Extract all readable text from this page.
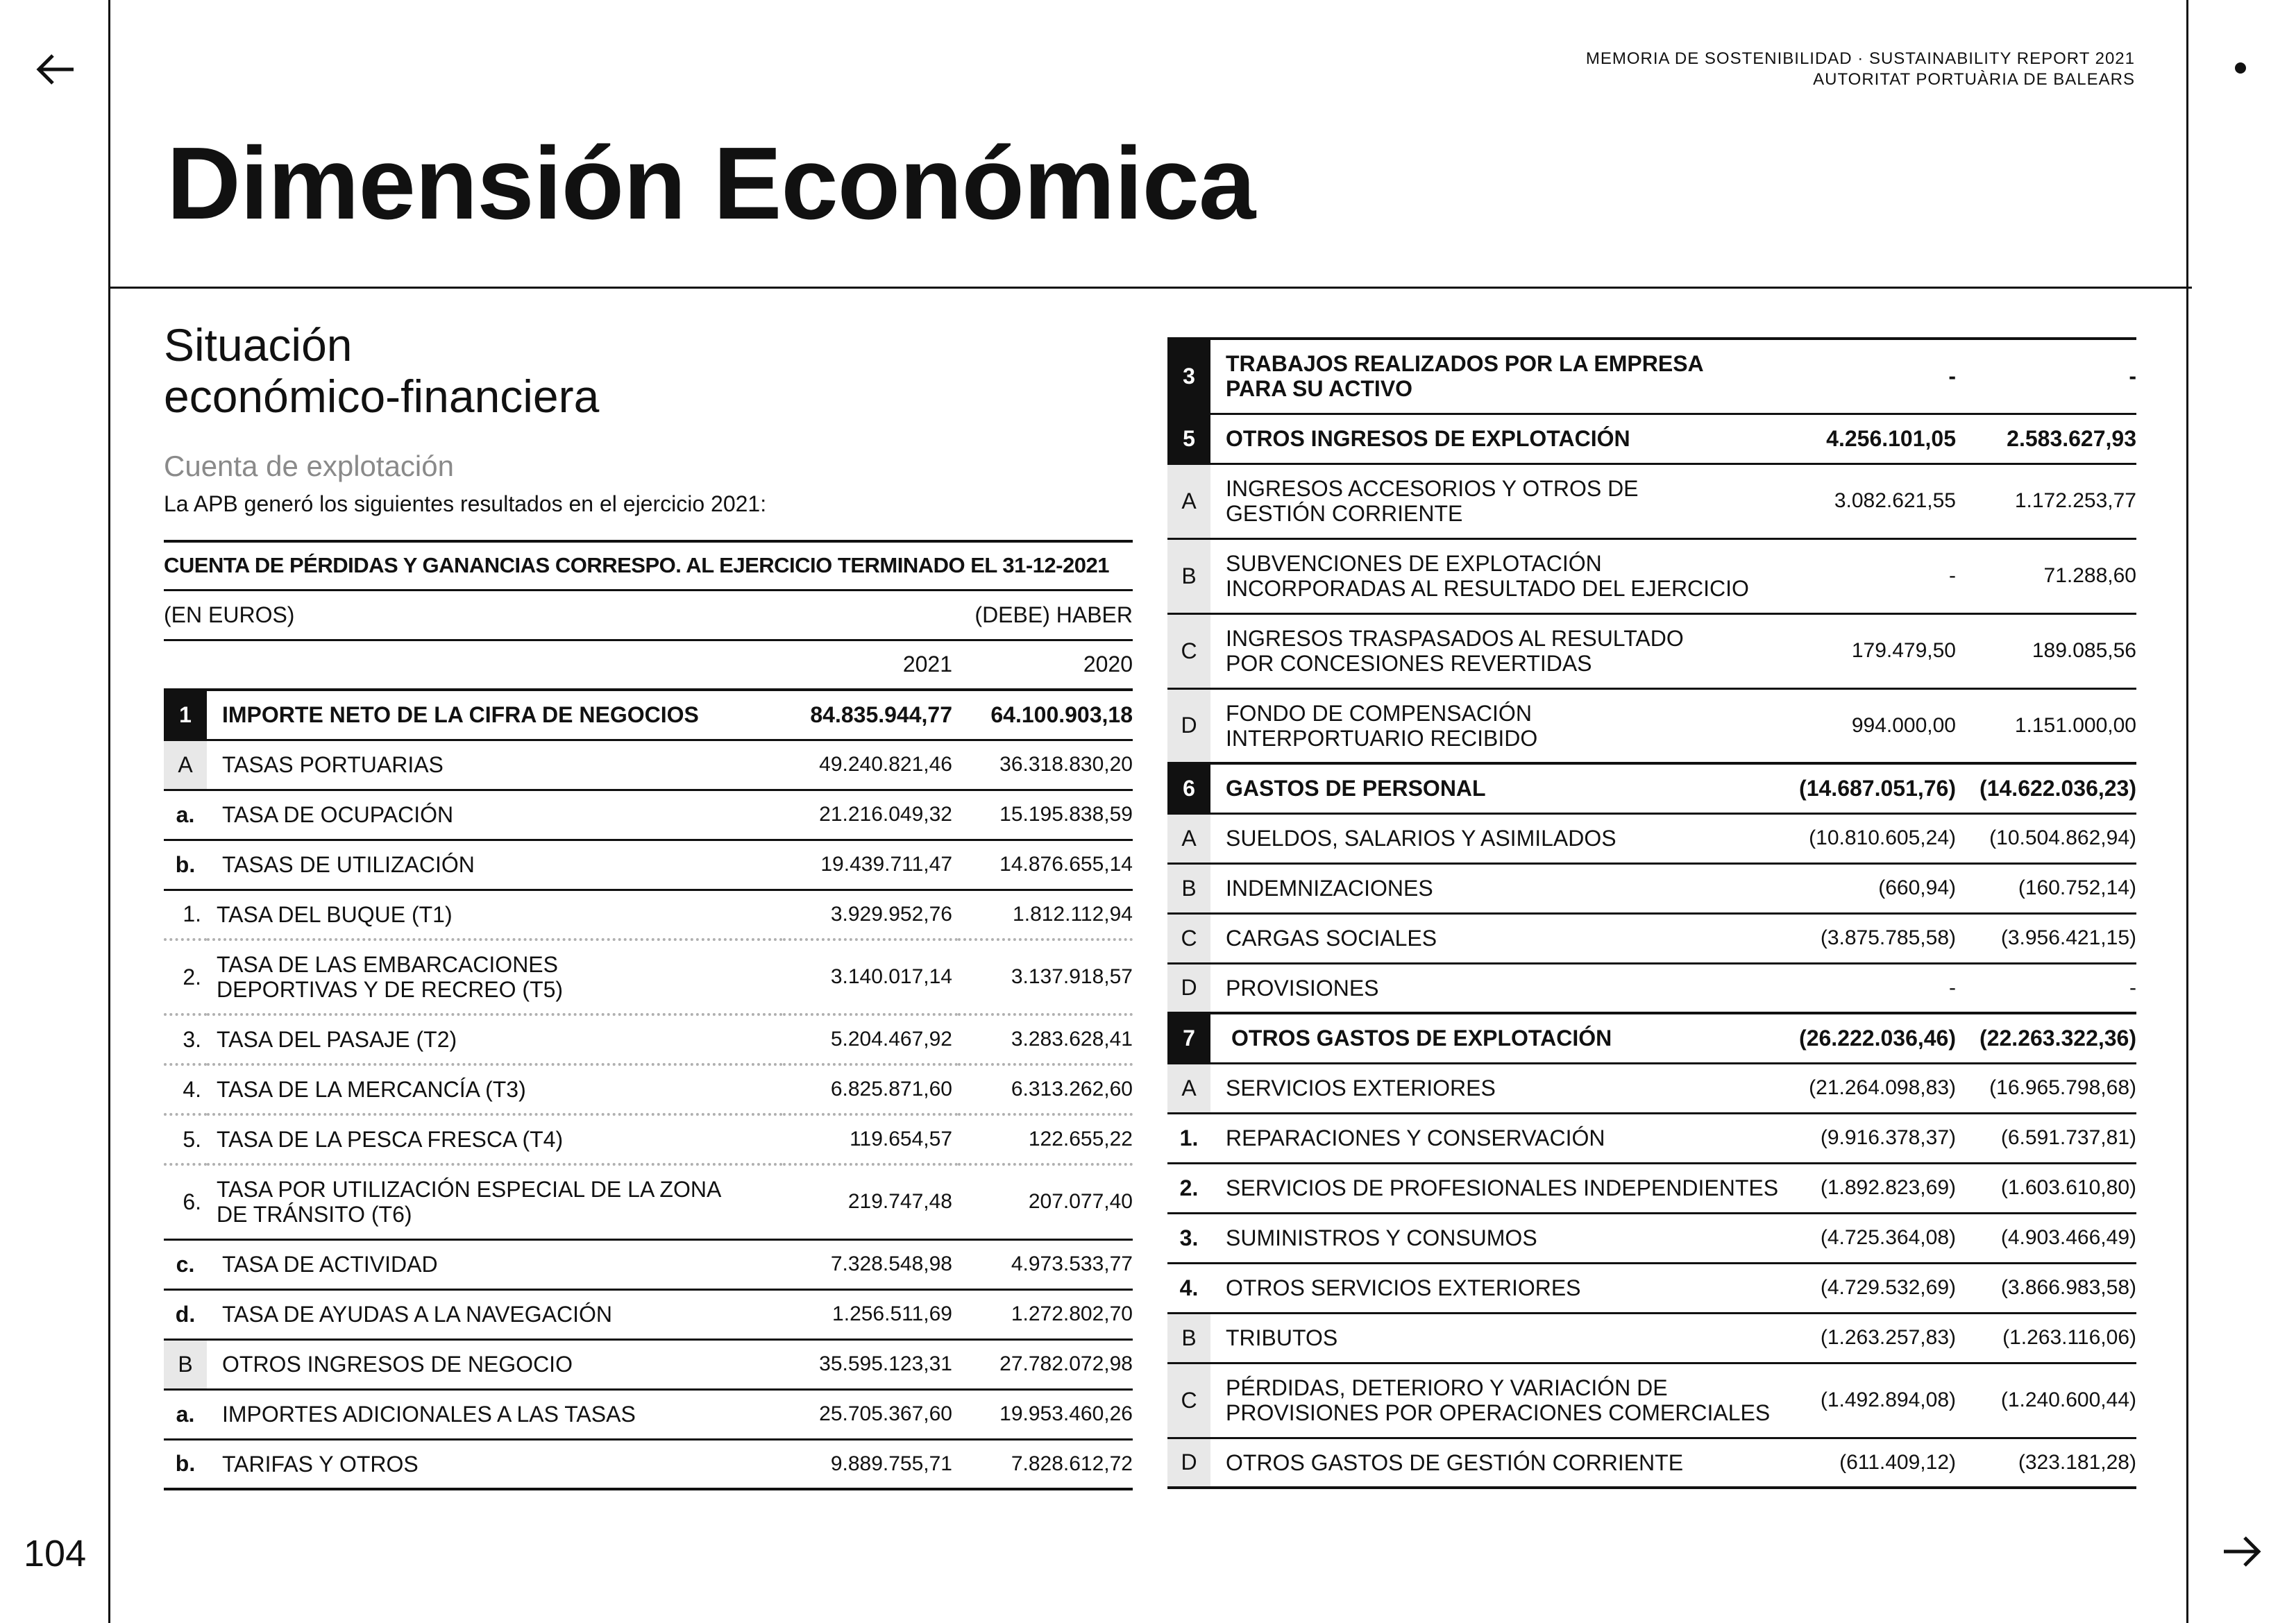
104
MEMORIA DE SOSTENIBILIDAD · SUSTAINABILITY REPORT 2021
AUTORITAT PORTUÀRIA DE BALEARS
Dimensión Económica
Situación
económico-financiera
Cuenta de explotación
La APB generó los siguientes resultados en el ejercicio 2021:
CUENTA DE PÉRDIDAS Y GANANCIAS CORRESPO. AL EJERCICIO TERMINADO EL 31-12-2021			
(EN EUROS)		(DEBE) HABER	
		2021	2020
1	IMPORTE NETO DE LA CIFRA DE NEGOCIOS	84.835.944,77	64.100.903,18
A	TASAS PORTUARIAS	49.240.821,46	36.318.830,20
a.	TASA DE OCUPACIÓN	21.216.049,32	15.195.838,59
b.	TASAS DE UTILIZACIÓN	19.439.711,47	14.876.655,14
1.	TASA DEL BUQUE (T1)	3.929.952,76	1.812.112,94
2.	TASA DE LAS EMBARCACIONES DEPORTIVAS Y DE RECREO (T5)	3.140.017,14	3.137.918,57
3.	TASA DEL PASAJE (T2)	5.204.467,92	3.283.628,41
4.	TASA DE LA MERCANCÍA (T3)	6.825.871,60	6.313.262,60
5.	TASA DE LA PESCA FRESCA (T4)	119.654,57	122.655,22
6.	TASA POR UTILIZACIÓN ESPECIAL DE LA ZONA DE TRÁNSITO (T6)	219.747,48	207.077,40
c.	TASA DE ACTIVIDAD	7.328.548,98	4.973.533,77
d.	TASA DE AYUDAS A LA NAVEGACIÓN	1.256.511,69	1.272.802,70
B	OTROS INGRESOS DE NEGOCIO	35.595.123,31	27.782.072,98
a.	IMPORTES ADICIONALES A LAS TASAS	25.705.367,60	19.953.460,26
b.	TARIFAS Y OTROS	9.889.755,71	7.828.612,72
3	TRABAJOS REALIZADOS POR LA EMPRESA PARA SU ACTIVO	-	-
5	OTROS INGRESOS DE EXPLOTACIÓN	4.256.101,05	2.583.627,93
A	INGRESOS ACCESORIOS Y OTROS DE GESTIÓN CORRIENTE	3.082.621,55	1.172.253,77
B	SUBVENCIONES DE EXPLOTACIÓN INCORPORADAS AL RESULTADO DEL EJERCICIO	-	71.288,60
C	INGRESOS TRASPASADOS AL RESULTADO POR CONCESIONES REVERTIDAS	179.479,50	189.085,56
D	FONDO DE COMPENSACIÓN INTERPORTUARIO RECIBIDO	994.000,00	1.151.000,00
6	GASTOS DE PERSONAL	(14.687.051,76)	(14.622.036,23)
A	SUELDOS, SALARIOS Y ASIMILADOS	(10.810.605,24)	(10.504.862,94)
B	INDEMNIZACIONES	(660,94)	(160.752,14)
C	CARGAS SOCIALES	(3.875.785,58)	(3.956.421,15)
D	PROVISIONES	-	-
7	OTROS GASTOS DE EXPLOTACIÓN	(26.222.036,46)	(22.263.322,36)
A	SERVICIOS EXTERIORES	(21.264.098,83)	(16.965.798,68)
1.	REPARACIONES Y CONSERVACIÓN	(9.916.378,37)	(6.591.737,81)
2.	SERVICIOS DE PROFESIONALES INDEPENDIENTES	(1.892.823,69)	(1.603.610,80)
3.	SUMINISTROS Y CONSUMOS	(4.725.364,08)	(4.903.466,49)
4.	OTROS SERVICIOS EXTERIORES	(4.729.532,69)	(3.866.983,58)
B	TRIBUTOS	(1.263.257,83)	(1.263.116,06)
C	PÉRDIDAS, DETERIORO Y VARIACIÓN DE PROVISIONES POR OPERACIONES COMERCIALES	(1.492.894,08)	(1.240.600,44)
D	OTROS GASTOS DE GESTIÓN CORRIENTE	(611.409,12)	(323.181,28)
